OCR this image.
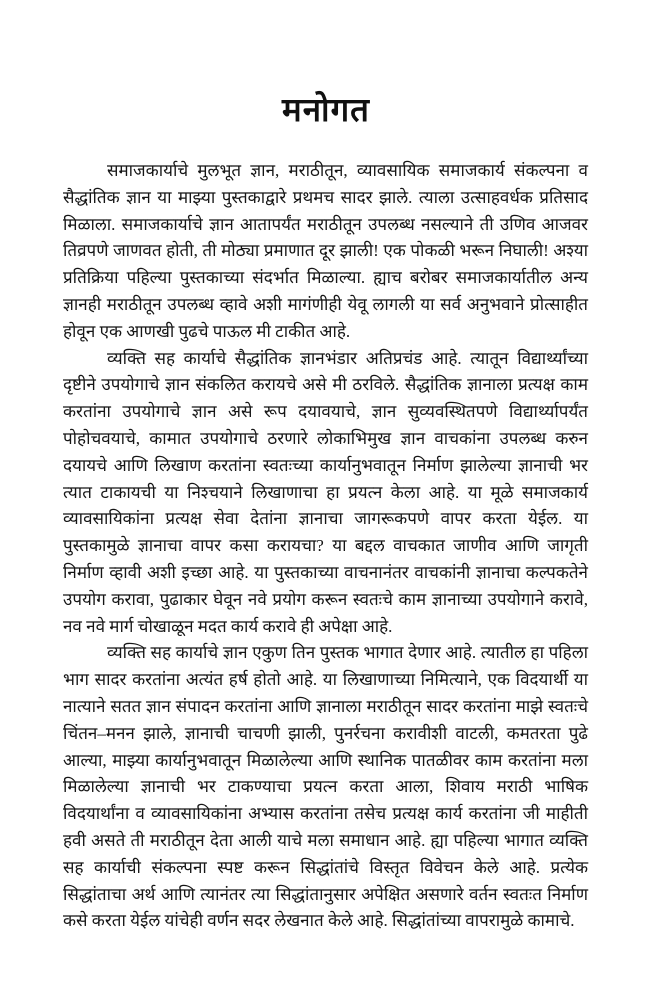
मनोगत

समाजकार्याचे मुलभूत ज्ञान, मराठीतून, व्यावसायिक समाजकार्य संकल्पना व सैद्धांतिक ज्ञान या माझ्या पुस्तकाद्वारे प्रथमच सादर झाले. त्याला उत्साहवर्धक प्रतिसाद मिळाला. समाजकार्याचे ज्ञान आतापर्यंत मराठीतून उपलब्ध नसल्याने ती उणिव आजवर तिव्रपणे जाणवत होती, ती मोठ्या प्रमाणात दूर झाली! एक पोकळी भरून निघाली! अश्या प्रतिक्रिया पहिल्या पुस्तकाच्या संदर्भात मिळाल्या. ह्याच बरोबर समाजकार्यातील अन्य ज्ञानही मराठीतून उपलब्ध व्हावे अशी मागंणीही येवू लागली या सर्व अनुभवाने प्रोत्साहीत होवून एक आणखी पुढचे पाऊल मी टाकीत आहे.

व्यक्ति सह कार्याचे सैद्धांतिक ज्ञानभंडार अतिप्रचंड आहे. त्यातून विद्यार्थ्यांच्या दृष्टीने उपयोगाचे ज्ञान संकलित करायचे असे मी ठरविले. सैद्धांतिक ज्ञानाला प्रत्यक्ष काम करतांना उपयोगाचे ज्ञान असे रूप दयावयाचे, ज्ञान सुव्यवस्थितपणे विद्यार्थ्यापर्यंत पोहोचवयाचे, कामात उपयोगाचे ठरणारे लोकाभिमुख ज्ञान वाचकांना उपलब्ध करुन दयायचे आणि लिखाण करतांना स्वतःच्या कार्यानुभवातून निर्माण झालेल्या ज्ञानाची भर त्यात टाकायची या निश्चयाने लिखाणाचा हा प्रयत्न केला आहे. या मूळे समाजकार्य व्यावसायिकांना प्रत्यक्ष सेवा देतांना ज्ञानाचा जागरूकपणे वापर करता येईल. या पुस्तकामुळे ज्ञानाचा वापर कसा करायचा? या बद्दल वाचकात जाणीव आणि जागृती निर्माण व्हावी अशी इच्छा आहे. या पुस्तकाच्या वाचनानंतर वाचकांनी ज्ञानाचा कल्पकतेने उपयोग करावा, पुढाकार घेवून नवे प्रयोग करून स्वतःचे काम ज्ञानाच्या उपयोगाने करावे, नव नवे मार्ग चोखाळून मदत कार्य करावे ही अपेक्षा आहे.

व्यक्ति सह कार्याचे ज्ञान एकुण तिन पुस्तक भागात देणार आहे. त्यातील हा पहिला भाग सादर करतांना अत्यंत हर्ष होतो आहे. या लिखाणाच्या निमित्याने, एक विदयार्थी या नात्याने सतत ज्ञान संपादन करतांना आणि ज्ञानाला मराठीतून सादर करतांना माझे स्वतःचे चिंतन–मनन झाले, ज्ञानाची चाचणी झाली, पुनर्रचना करावीशी वाटली, कमतरता पुढे आल्या, माझ्या कार्यानुभवातून मिळालेल्या आणि स्थानिक पातळीवर काम करतांना मला मिळालेल्या ज्ञानाची भर टाकण्याचा प्रयत्न करता आला, शिवाय मराठी भाषिक विदयार्थांना व व्यावसायिकांना अभ्यास करतांना तसेच प्रत्यक्ष कार्य करतांना जी माहीती हवी असते ती मराठीतून देता आली याचे मला समाधान आहे. ह्या पहिल्या भागात व्यक्ति सह कार्याची संकल्पना स्पष्ट करून सिद्धांतांचे विस्तृत विवेचन केले आहे. प्रत्येक सिद्धांताचा अर्थ आणि त्यानंतर त्या सिद्धांतानुसार अपेक्षित असणारे वर्तन स्वतःत निर्माण कसे करता येईल यांचेही वर्णन सदर लेखनात केले आहे. सिद्धांतांच्या वापरामुळे कामाचे.
